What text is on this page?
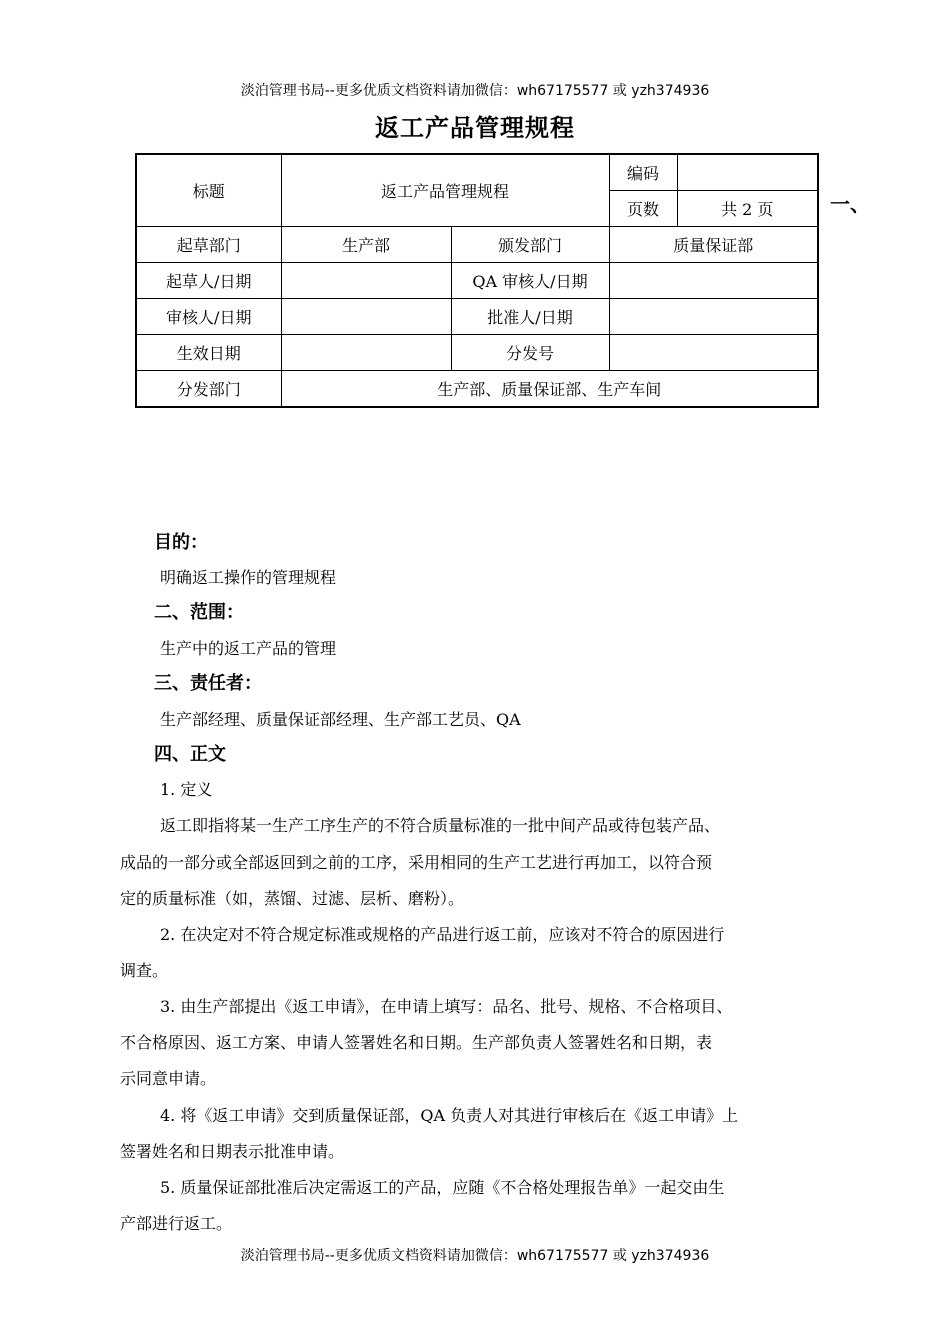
淡泊管理书局--更多优质文档资料请加微信：wh67175577 或 yzh374936
返工产品管理规程
标题	返工产品管理规程		编码	
			页数	共 2 页
起草部门	生产部	颁发部门	质量保证部	
起草人/日期		QA 审核人/日期		
审核人/日期		批准人/日期		
生效日期		分发号		
分发部门	生产部、质量保证部、生产车间			
一、
目的：
明确返工操作的管理规程
二、范围：
生产中的返工产品的管理
三、责任者：
生产部经理、质量保证部经理、生产部工艺员、QA
四、正文
1. 定义
返工即指将某一生产工序生产的不符合质量标准的一批中间产品或待包装产品、
成品的一部分或全部返回到之前的工序，采用相同的生产工艺进行再加工，以符合预
定的质量标准（如，蒸馏、过滤、层析、磨粉）。
2. 在决定对不符合规定标准或规格的产品进行返工前，应该对不符合的原因进行
调查。
3. 由生产部提出《返工申请》，在申请上填写：品名、批号、规格、不合格项目、
不合格原因、返工方案、申请人签署姓名和日期。生产部负责人签署姓名和日期，表
示同意申请。
4. 将《返工申请》交到质量保证部，QA 负责人对其进行审核后在《返工申请》上
签署姓名和日期表示批准申请。
5. 质量保证部批准后决定需返工的产品，应随《不合格处理报告单》一起交由生
产部进行返工。
淡泊管理书局--更多优质文档资料请加微信：wh67175577 或 yzh374936
